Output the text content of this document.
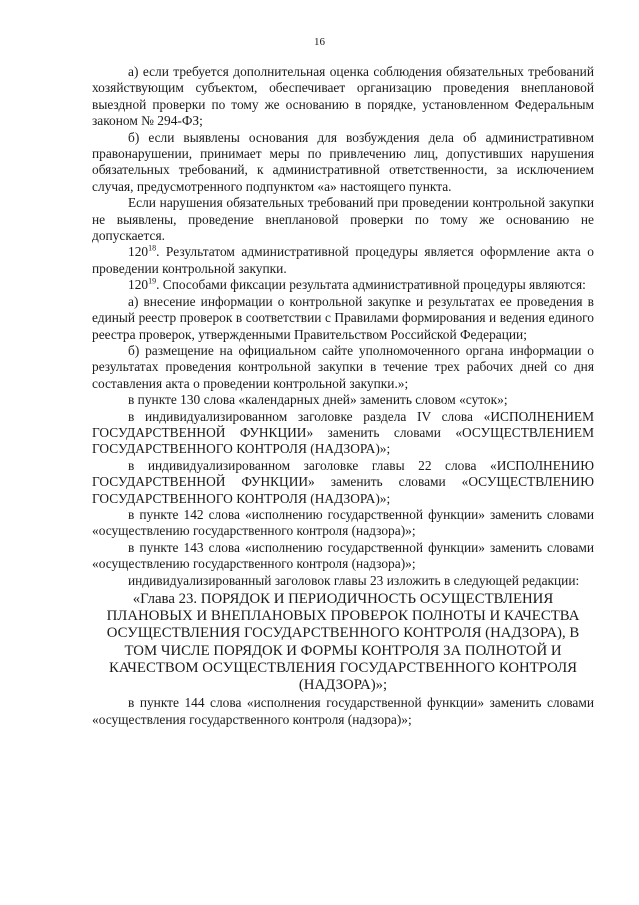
16

а) если требуется дополнительная оценка соблюдения обязательных требований хозяйствующим субъектом, обеспечивает организацию проведения внеплановой выездной проверки по тому же основанию в порядке, установленном Федеральным законом № 294-ФЗ;

б) если выявлены основания для возбуждения дела об административном правонарушении, принимает меры по привлечению лиц, допустивших нарушения обязательных требований, к административной ответственности, за исключением случая, предусмотренного подпунктом «а» настоящего пункта.

Если нарушения обязательных требований при проведении контрольной закупки не выявлены, проведение внеплановой проверки по тому же основанию не допускается.

$120^{18}$. Результатом административной процедуры является оформление акта о проведении контрольной закупки.

$120^{19}$. Способами фиксации результата административной процедуры являются:

а) внесение информации о контрольной закупке и результатах ее проведения в единый реестр проверок в соответствии с Правилами формирования и ведения единого реестра проверок, утвержденными Правительством Российской Федерации;

б) размещение на официальном сайте уполномоченного органа информации о результатах проведения контрольной закупки в течение трех рабочих дней со дня составления акта о проведении контрольной закупки.»;

в пункте 130 слова «календарных дней» заменить словом «суток»;

в индивидуализированном заголовке раздела IV слова «ИСПОЛНЕНИЕМ ГОСУДАРСТВЕННОЙ ФУНКЦИИ» заменить словами «ОСУЩЕСТВЛЕНИЕМ ГОСУДАРСТВЕННОГО КОНТРОЛЯ (НАДЗОРА)»;

в индивидуализированном заголовке главы 22 слова «ИСПОЛНЕНИЮ ГОСУДАРСТВЕННОЙ ФУНКЦИИ» заменить словами «ОСУЩЕСТВЛЕНИЮ ГОСУДАРСТВЕННОГО КОНТРОЛЯ (НАДЗОРА)»;

в пункте 142 слова «исполнению государственной функции» заменить словами «осуществлению государственного контроля (надзора)»;

в пункте 143 слова «исполнению государственной функции» заменить словами «осуществлению государственного контроля (надзора)»;

индивидуализированный заголовок главы 23 изложить в следующей редакции:

«Глава 23. ПОРЯДОК И ПЕРИОДИЧНОСТЬ ОСУЩЕСТВЛЕНИЯ ПЛАНОВЫХ И ВНЕПЛАНОВЫХ ПРОВЕРОК ПОЛНОТЫ И КАЧЕСТВА ОСУЩЕСТВЛЕНИЯ ГОСУДАРСТВЕННОГО КОНТРОЛЯ (НАДЗОРА), В ТОМ ЧИСЛЕ ПОРЯДОК И ФОРМЫ КОНТРОЛЯ ЗА ПОЛНОТОЙ И КАЧЕСТВОМ ОСУЩЕСТВЛЕНИЯ ГОСУДАРСТВЕННОГО КОНТРОЛЯ (НАДЗОРА)»;

в пункте 144 слова «исполнения государственной функции» заменить словами «осуществления государственного контроля (надзора)»;
